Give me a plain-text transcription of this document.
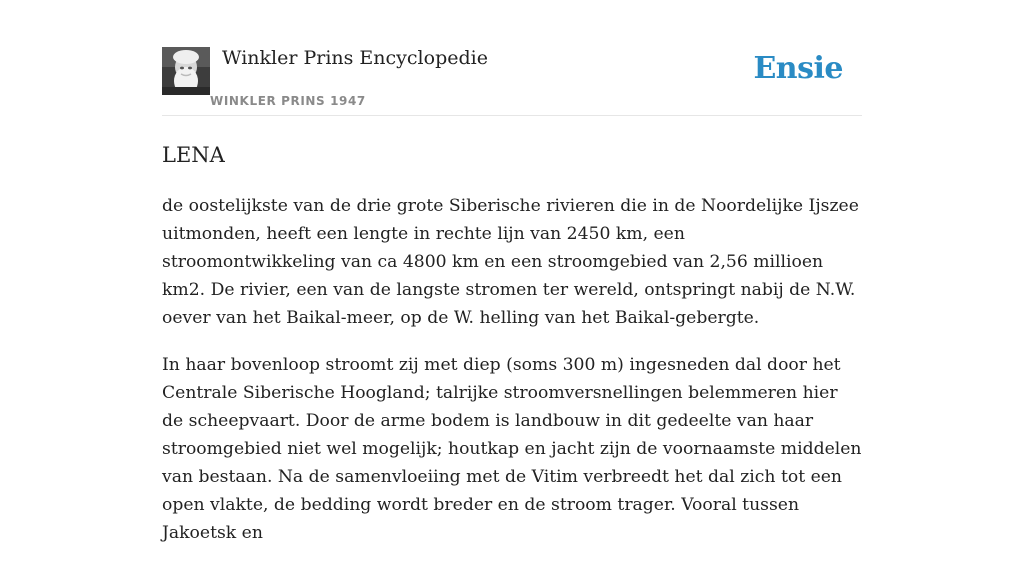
Winkler Prins Encyclopedie
WINKLER PRINS 1947
Ensie
LENA

de oostelijkste van de drie grote Siberische rivieren die in de Noordelijke Ijszee uitmonden, heeft een lengte in rechte lijn van 2450 km, een stroomontwikkeling van ca 4800 km en een stroomgebied van 2,56 millioen km2. De rivier, een van de langste stromen ter wereld, ontspringt nabij de N.W. oever van het Baikal-meer, op de W. helling van het Baikal-gebergte.

In haar bovenloop stroomt zij met diep (soms 300 m) ingesneden dal door het Centrale Siberische Hoogland; talrijke stroomversnellingen belemmeren hier de scheepvaart. Door de arme bodem is landbouw in dit gedeelte van haar stroomgebied niet wel mogelijk; houtkap en jacht zijn de voornaamste middelen van bestaan. Na de samenvloeiing met de Vitim verbreedt het dal zich tot een open vlakte, de bedding wordt breder en de stroom trager. Vooral tussen Jakoetsk en
